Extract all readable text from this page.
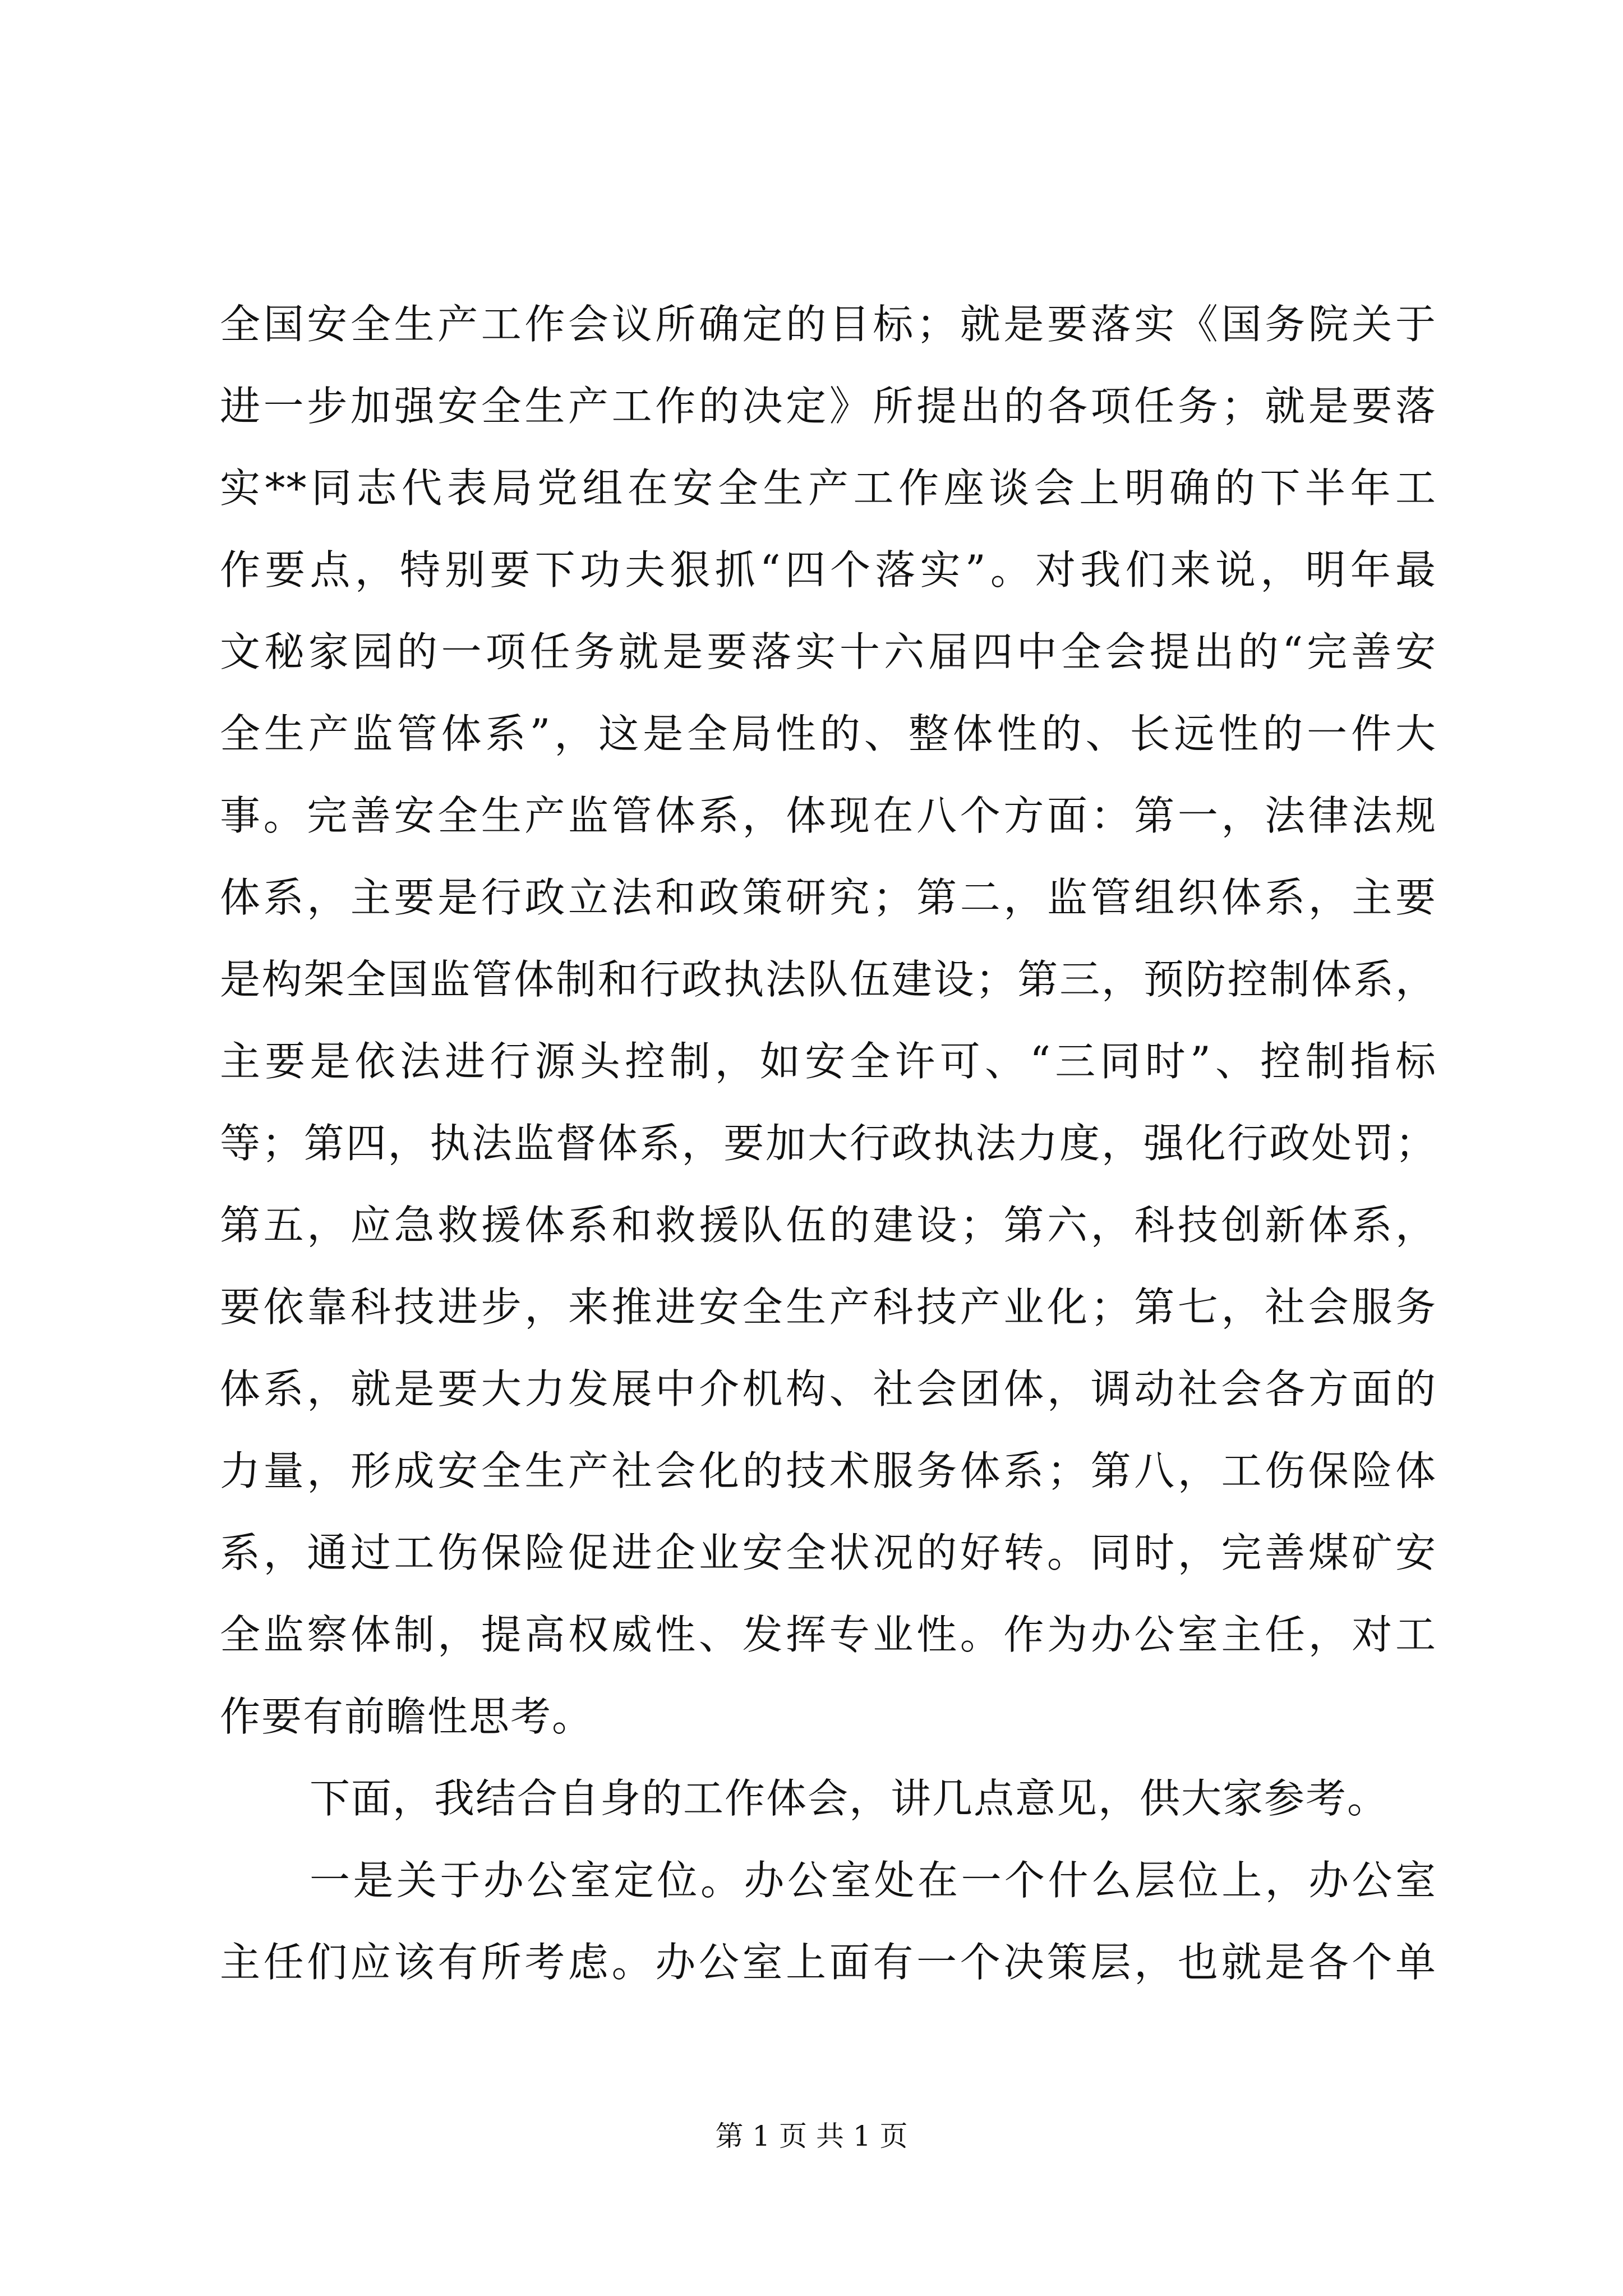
全国安全生产工作会议所确定的目标；就是要落实《国务院关于
进一步加强安全生产工作的决定》所提出的各项任务；就是要落
实**同志代表局党组在安全生产工作座谈会上明确的下半年工
作要点，特别要下功夫狠抓“四个落实”。对我们来说，明年最
文秘家园的一项任务就是要落实十六届四中全会提出的“完善安
全生产监管体系”，这是全局性的、整体性的、长远性的一件大
事。完善安全生产监管体系，体现在八个方面：第一，法律法规
体系，主要是行政立法和政策研究；第二，监管组织体系，主要
是构架全国监管体制和行政执法队伍建设；第三，预防控制体系，
主要是依法进行源头控制，如安全许可、“三同时”、控制指标
等；第四，执法监督体系，要加大行政执法力度，强化行政处罚；
第五，应急救援体系和救援队伍的建设；第六，科技创新体系，
要依靠科技进步，来推进安全生产科技产业化；第七，社会服务
体系，就是要大力发展中介机构、社会团体，调动社会各方面的
力量，形成安全生产社会化的技术服务体系；第八，工伤保险体
系，通过工伤保险促进企业安全状况的好转。同时，完善煤矿安
全监察体制，提高权威性、发挥专业性。作为办公室主任，对工
作要有前瞻性思考。
下面，我结合自身的工作体会，讲几点意见，供大家参考。
一是关于办公室定位。办公室处在一个什么层位上，办公室
主任们应该有所考虑。办公室上面有一个决策层，也就是各个单
第 1 页 共 1 页
